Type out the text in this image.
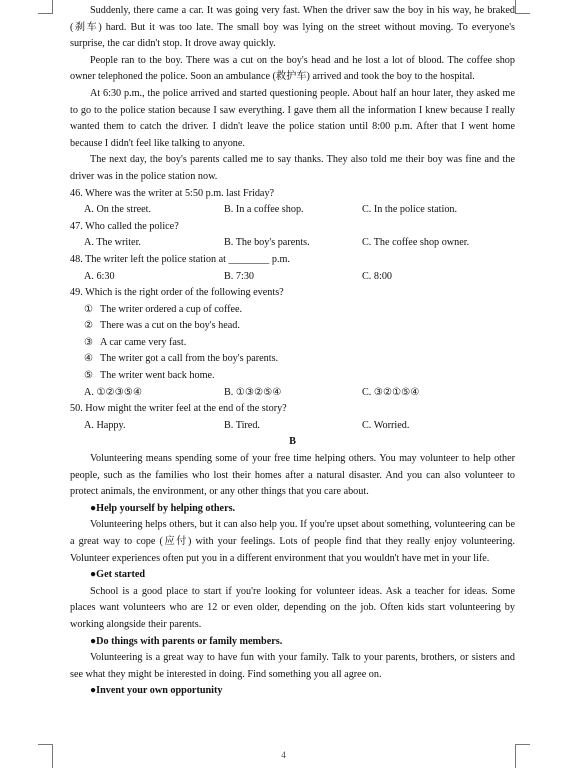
Suddenly, there came a car. It was going very fast. When the driver saw the boy in his way, he braked (刹车) hard. But it was too late. The small boy was lying on the street without moving. To everyone's surprise, the car didn't stop. It drove away quickly.

People ran to the boy. There was a cut on the boy's head and he lost a lot of blood. The coffee shop owner telephoned the police. Soon an ambulance (救护车) arrived and took the boy to the hospital.

At 6:30 p.m., the police arrived and started questioning people. About half an hour later, they asked me to go to the police station because I saw everything. I gave them all the information I knew because I really wanted them to catch the driver. I didn't leave the police station until 8:00 p.m. After that I went home because I didn't feel like talking to anyone.

The next day, the boy's parents called me to say thanks. They also told me their boy was fine and the driver was in the police station now.

46. Where was the writer at 5:50 p.m. last Friday?

A. On the street.	B. In a coffee shop.	C. In the police station.

47. Who called the police?

A. The writer.	B. The boy's parents.	C. The coffee shop owner.

48. The writer left the police station at ________ p.m.

A. 6:30	B. 7:30	C. 8:00

49. Which is the right order of the following events?

① The writer ordered a cup of coffee.

② There was a cut on the boy's head.

③ A car came very fast.

④ The writer got a call from the boy's parents.

⑤ The writer went back home.

A. ①②③⑤④	B. ①③②⑤④	C. ③②①⑤④

50. How might the writer feel at the end of the story?

A. Happy.	B. Tired.	C. Worried.

B

Volunteering means spending some of your free time helping others. You may volunteer to help other people, such as the families who lost their homes after a natural disaster. And you can also volunteer to protect animals, the environment, or any other things that you care about.

●Help yourself by helping others.

Volunteering helps others, but it can also help you. If you're upset about something, volunteering can be a great way to cope (应付) with your feelings. Lots of people find that they really enjoy volunteering. Volunteer experiences often put you in a different environment that you wouldn't have met in your life.

●Get started

School is a good place to start if you're looking for volunteer ideas. Ask a teacher for ideas. Some places want volunteers who are 12 or even older, depending on the job. Often kids start volunteering by working alongside their parents.

●Do things with parents or family members.

Volunteering is a great way to have fun with your family. Talk to your parents, brothers, or sisters and see what they might be interested in doing. Find something you all agree on.

●Invent your own opportunity

4
